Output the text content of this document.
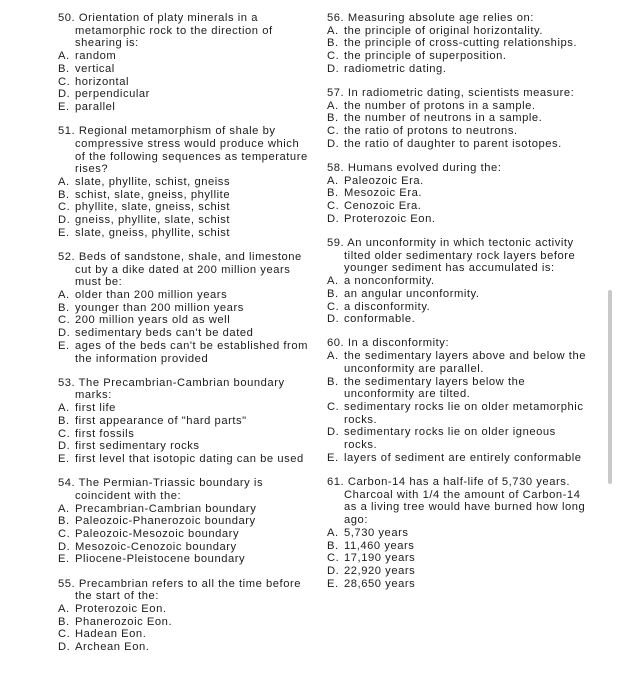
50. Orientation of platy minerals in a metamorphic rock to the direction of shearing is:
A. random
B. vertical
C. horizontal
D. perpendicular
E. parallel
51. Regional metamorphism of shale by compressive stress would produce which of the following sequences as temperature rises?
A. slate, phyllite, schist, gneiss
B. schist, slate, gneiss, phyllite
C. phyllite, slate, gneiss, schist
D. gneiss, phyllite, slate, schist
E. slate, gneiss, phyllite, schist
52. Beds of sandstone, shale, and limestone cut by a dike dated at 200 million years must be:
A. older than 200 million years
B. younger than 200 million years
C. 200 million years old as well
D. sedimentary beds can't be dated
E. ages of the beds can't be established from the information provided
53. The Precambrian-Cambrian boundary marks:
A. first life
B. first appearance of "hard parts"
C. first fossils
D. first sedimentary rocks
E. first level that isotopic dating can be used
54. The Permian-Triassic boundary is coincident with the:
A. Precambrian-Cambrian boundary
B. Paleozoic-Phanerozoic boundary
C. Paleozoic-Mesozoic boundary
D. Mesozoic-Cenozoic boundary
E. Pliocene-Pleistocene boundary
55. Precambrian refers to all the time before the start of the:
A. Proterozoic Eon.
B. Phanerozoic Eon.
C. Hadean Eon.
D. Archean Eon.
56. Measuring absolute age relies on:
A. the principle of original horizontality.
B. the principle of cross-cutting relationships.
C. the principle of superposition.
D. radiometric dating.
57. In radiometric dating, scientists measure:
A. the number of protons in a sample.
B. the number of neutrons in a sample.
C. the ratio of protons to neutrons.
D. the ratio of daughter to parent isotopes.
58. Humans evolved during the:
A. Paleozoic Era.
B. Mesozoic Era.
C. Cenozoic Era.
D. Proterozoic Eon.
59. An unconformity in which tectonic activity tilted older sedimentary rock layers before younger sediment has accumulated is:
A. a nonconformity.
B. an angular unconformity.
C. a disconformity.
D. conformable.
60. In a disconformity:
A. the sedimentary layers above and below the unconformity are parallel.
B. the sedimentary layers below the unconformity are tilted.
C. sedimentary rocks lie on older metamorphic rocks.
D. sedimentary rocks lie on older igneous rocks.
E. layers of sediment are entirely conformable
61. Carbon-14 has a half-life of 5,730 years. Charcoal with 1/4 the amount of Carbon-14 as a living tree would have burned how long ago:
A. 5,730 years
B. 11,460 years
C. 17,190 years
D. 22,920 years
E. 28,650 years
